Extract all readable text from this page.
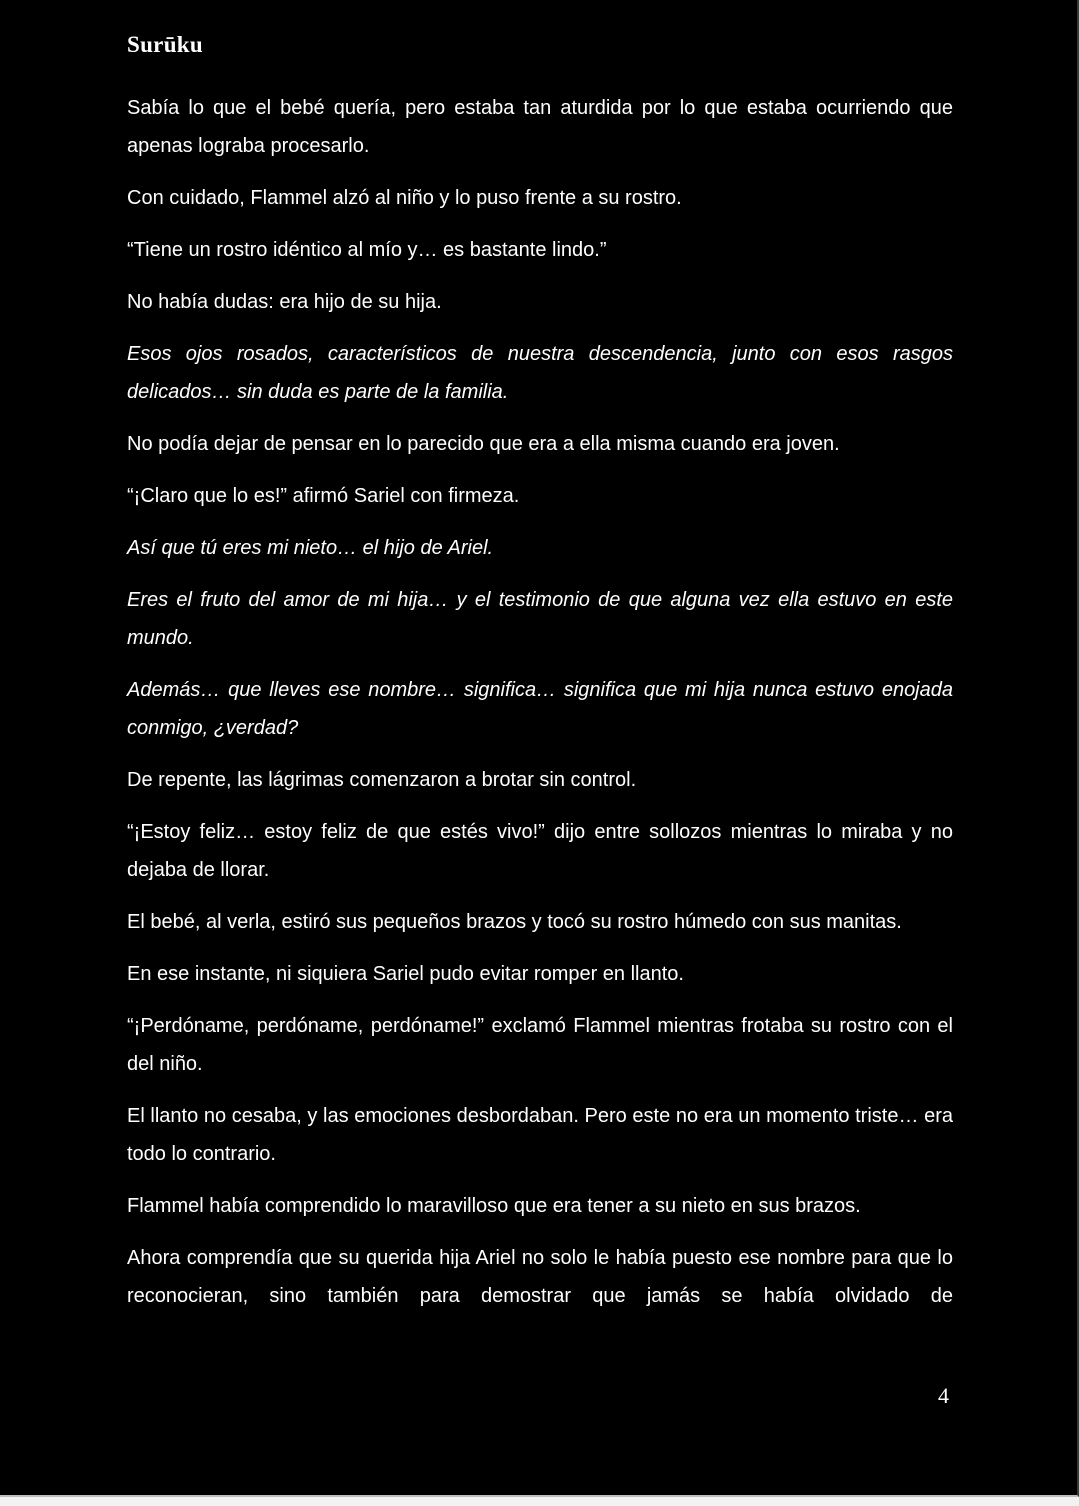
Surūku

Sabía lo que el bebé quería, pero estaba tan aturdida por lo que estaba ocurriendo que apenas lograba procesarlo.

Con cuidado, Flammel alzó al niño y lo puso frente a su rostro.

“Tiene un rostro idéntico al mío y… es bastante lindo.”

No había dudas: era hijo de su hija.

Esos ojos rosados, característicos de nuestra descendencia, junto con esos rasgos delicados… sin duda es parte de la familia.

No podía dejar de pensar en lo parecido que era a ella misma cuando era joven.

“¡Claro que lo es!” afirmó Sariel con firmeza.

Así que tú eres mi nieto… el hijo de Ariel.

Eres el fruto del amor de mi hija… y el testimonio de que alguna vez ella estuvo en este mundo.

Además… que lleves ese nombre… significa… significa que mi hija nunca estuvo enojada conmigo, ¿verdad?

De repente, las lágrimas comenzaron a brotar sin control.

“¡Estoy feliz… estoy feliz de que estés vivo!” dijo entre sollozos mientras lo miraba y no dejaba de llorar.

El bebé, al verla, estiró sus pequeños brazos y tocó su rostro húmedo con sus manitas.

En ese instante, ni siquiera Sariel pudo evitar romper en llanto.

“¡Perdóname, perdóname, perdóname!” exclamó Flammel mientras frotaba su rostro con el del niño.

El llanto no cesaba, y las emociones desbordaban. Pero este no era un momento triste… era todo lo contrario.

Flammel había comprendido lo maravilloso que era tener a su nieto en sus brazos.

Ahora comprendía que su querida hija Ariel no solo le había puesto ese nombre para que lo reconocieran, sino también para demostrar que jamás se había olvidado de

4
